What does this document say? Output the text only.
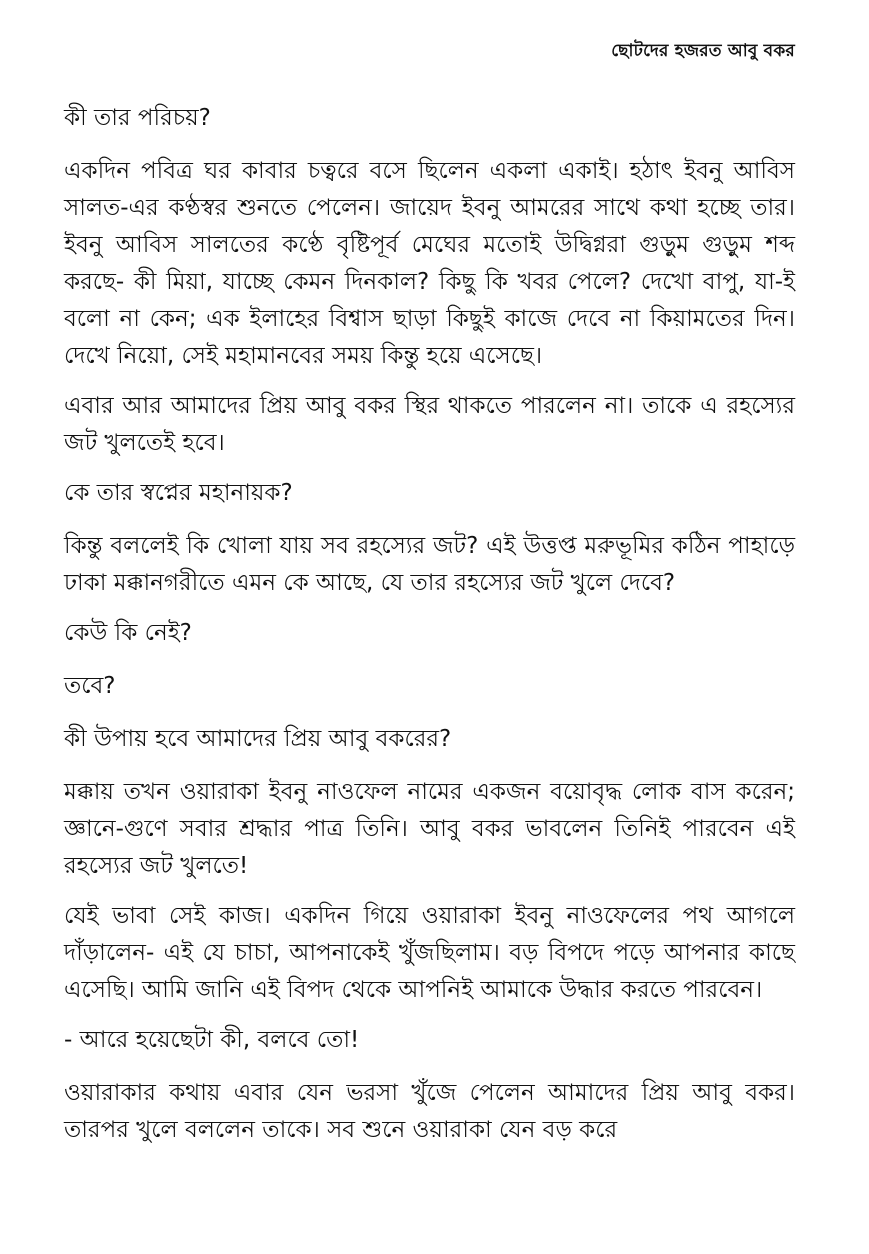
ছোটদের হজরত আবু বকর

কী তার পরিচয়?

একদিন পবিত্র ঘর কাবার চত্বরে বসে ছিলেন একলা একাই। হঠাৎ ইবনু আবিস সালত-এর কণ্ঠস্বর শুনতে পেলেন। জায়েদ ইবনু আমরের সাথে কথা হচ্ছে তার। ইবনু আবিস সালতের কণ্ঠে বৃষ্টিপূর্ব মেঘের মতোই উদ্বিগ্নরা গুড়ুম গুড়ুম শব্দ করছে- কী মিয়া, যাচ্ছে কেমন দিনকাল? কিছু কি খবর পেলে? দেখো বাপু, যা-ই বলো না কেন; এক ইলাহের বিশ্বাস ছাড়া কিছুই কাজে দেবে না কিয়ামতের দিন। দেখে নিয়ো, সেই মহামানবের সময় কিন্তু হয়ে এসেছে।

এবার আর আমাদের প্রিয় আবু বকর স্থির থাকতে পারলেন না। তাকে এ রহস্যের জট খুলতেই হবে।

কে তার স্বপ্নের মহানায়ক?

কিন্তু বললেই কি খোলা যায় সব রহস্যের জট? এই উত্তপ্ত মরুভূমির কঠিন পাহাড়ে ঢাকা মক্কানগরীতে এমন কে আছে, যে তার রহস্যের জট খুলে দেবে?

কেউ কি নেই?

তবে?

কী উপায় হবে আমাদের প্রিয় আবু বকরের?

মক্কায় তখন ওয়ারাকা ইবনু নাওফেল নামের একজন বয়োবৃদ্ধ লোক বাস করেন; জ্ঞানে-গুণে সবার শ্রদ্ধার পাত্র তিনি। আবু বকর ভাবলেন তিনিই পারবেন এই রহস্যের জট খুলতে!

যেই ভাবা সেই কাজ। একদিন গিয়ে ওয়ারাকা ইবনু নাওফেলের পথ আগলে দাঁড়ালেন- এই যে চাচা, আপনাকেই খুঁজছিলাম। বড় বিপদে পড়ে আপনার কাছে এসেছি। আমি জানি এই বিপদ থেকে আপনিই আমাকে উদ্ধার করতে পারবেন।

- আরে হয়েছেটা কী, বলবে তো!

ওয়ারাকার কথায় এবার যেন ভরসা খুঁজে পেলেন আমাদের প্রিয় আবু বকর। তারপর খুলে বললেন তাকে। সব শুনে ওয়ারাকা যেন বড় করে
